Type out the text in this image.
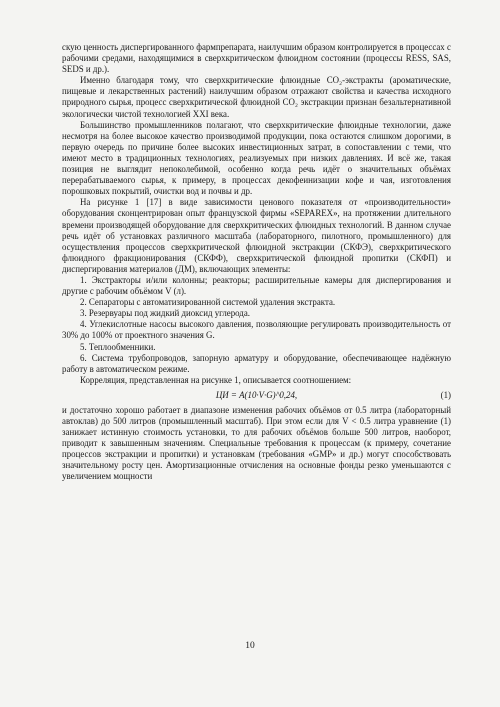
скую ценность диспергированного фармпрепарата, наилучшим образом контролируется в процессах с рабочими средами, находящимися в сверхкритическом флюидном состоянии (процессы RESS, SAS, SEDS и др.).

Именно благодаря тому, что сверхкритические флюидные CO₂-экстракты (ароматические, пищевые и лекарственных растений) наилучшим образом отражают свойства и качества исходного природного сырья, процесс сверхкритической флюидной CO₂ экстракции признан безальтернативной экологически чистой технологией XXI века.

Большинство промышленников полагают, что сверхкритические флюидные технологии, даже несмотря на более высокое качество производимой продукции, пока остаются слишком дорогими, в первую очередь по причине более высоких инвестиционных затрат, в сопоставлении с теми, что имеют место в традиционных технологиях, реализуемых при низких давлениях. И всё же, такая позиция не выглядит непоколебимой, особенно когда речь идёт о значительных объёмах перерабатываемого сырья, к примеру, в процессах декофеинизации кофе и чая, изготовления порошковых покрытий, очистки вод и почвы и др.

На рисунке 1 [17] в виде зависимости ценового показателя от «производительности» оборудования сконцентрирован опыт французской фирмы «SEPAREX», на протяжении длительного времени производящей оборудование для сверхкритических флюидных технологий. В данном случае речь идёт об установках различного масштаба (лабораторного, пилотного, промышленного) для осуществления процессов сверхкритической флюидной экстракции (СКФЭ), сверхкритического флюидного фракционирования (СКФФ), сверхкритической флюидной пропитки (СКФП) и диспергирования материалов (ДМ), включающих элементы:

1. Экстракторы и/или колонны; реакторы; расширительные камеры для диспергирования и другие с рабочим объёмом V (л).

2. Сепараторы с автоматизированной системой удаления экстракта.

3. Резервуары под жидкий диоксид углерода.

4. Углекислотные насосы высокого давления, позволяющие регулировать производительность от 30% до 100% от проектного значения G.

5. Теплообменники.

6. Система трубопроводов, запорную арматуру и оборудование, обеспечивающее надёжную работу в автоматическом режиме.

Корреляция, представленная на рисунке 1, описывается соотношением:

ЦИ = A(10·V·G)^0,24,	(1)

и достаточно хорошо работает в диапазоне изменения рабочих объёмов от 0.5 литра (лабораторный автоклав) до 500 литров (промышленный масштаб). При этом если для V < 0.5 литра уравнение (1) занижает истинную стоимость установки, то для рабочих объёмов больше 500 литров, наоборот, приводит к завышенным значениям. Специальные требования к процессам (к примеру, сочетание процессов экстракции и пропитки) и установкам (требования «GMP» и др.) могут способствовать значительному росту цен. Амортизационные отчисления на основные фонды резко уменьшаются с увеличением мощности

10
